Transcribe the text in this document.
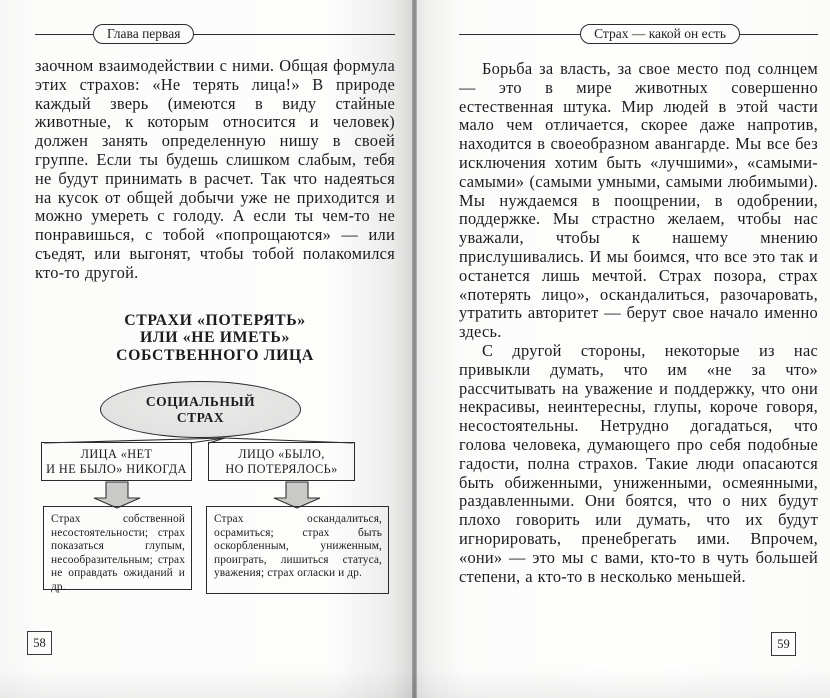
Глава первая

заочном взаимодействии с ними. Общая формула этих страхов: «Не терять лица!» В природе каждый зверь (имеются в виду стайные животные, к которым относится и человек) должен занять определенную нишу в своей группе. Если ты будешь слишком слабым, тебя не будут принимать в расчет. Так что надеяться на кусок от общей добычи уже не приходится и можно умереть с голоду. А если ты чем-то не понравишься, с тобой «попрощаются» — или съедят, или выгонят, чтобы тобой полакомился кто-то другой.

СТРАХИ «ПОТЕРЯТЬ»
ИЛИ «НЕ ИМЕТЬ»
СОБСТВЕННОГО ЛИЦА
СОЦИАЛЬНЫЙ
СТРАХ
ЛИЦА «НЕТ
И НЕ БЫЛО» НИКОГДА
ЛИЦО «БЫЛО,
НО ПОТЕРЯЛОСЬ»
Страх собственной несостоятельности; страх показаться глупым, несообразительным; страх не оправдать ожиданий и др.
Страх оскандалиться, осрамиться; страх быть оскорбленным, униженным, проиграть, лишиться статуса, уважения; страх огласки и др.
58
Страх — какой он есть

Борьба за власть, за свое место под солнцем — это в мире животных совершенно естественная штука. Мир людей в этой части мало чем отличается, скорее даже напротив, находится в своеобразном авангарде. Мы все без исключения хотим быть «лучшими», «самыми-самыми» (самыми умными, самыми любимыми). Мы нуждаемся в поощрении, в одобрении, поддержке. Мы страстно желаем, чтобы нас уважали, чтобы к нашему мнению прислушивались. И мы боимся, что все это так и останется лишь мечтой. Страх позора, страх «потерять лицо», оскандалиться, разочаровать, утратить авторитет — берут свое начало именно здесь.

С другой стороны, некоторые из нас привыкли думать, что им «не за что» рассчитывать на уважение и поддержку, что они некрасивы, неинтересны, глупы, короче говоря, несостоятельны. Нетрудно догадаться, что голова человека, думающего про себя подобные гадости, полна страхов. Такие люди опасаются быть обиженными, униженными, осмеянными, раздавленными. Они боятся, что о них будут плохо говорить или думать, что их будут игнорировать, пренебрегать ими. Впрочем, «они» — это мы с вами, кто-то в чуть большей степени, а кто-то в несколько меньшей.

59
